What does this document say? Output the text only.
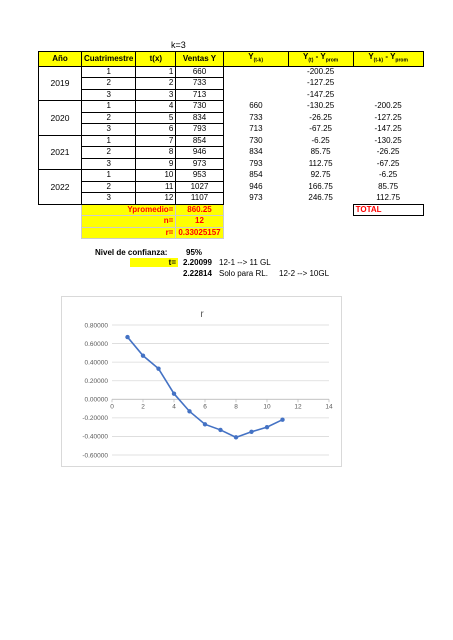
k=3
Año	Cuatrimestre	t(x)	Ventas Y	$Y_{(t-k)}$	$Y_{(t)} - Y_{prom}$	$Y_{(t-k)} - Y_{prom}$
2019	1	1	660		-200.25	
	2	2	733		-127.25	
	3	3	713		-147.25	
2020	1	4	730	660	-130.25	-200.25
	2	5	834	733	-26.25	-127.25
	3	6	793	713	-67.25	-147.25
2021	1	7	854	730	-6.25	-130.25
	2	8	946	834	85.75	-26.25
	3	9	973	793	112.75	-67.25
2022	1	10	953	854	92.75	-6.25
	2	11	1027	946	166.75	85.75
	3	12	1107	973	246.75	112.75
	Ypromedio=		860.25			TOTAL
	n=		12			
	r=		0.33025157			
Nivel de confianza: 95%
t= 2.20099 12-1 --> 11 GL
2.22814 Solo para RL. 12-2 --> 10GL
r
0.80000
0.60000
0.40000
0.20000
0.00000
-0.20000
-0.40000
-0.60000
0	2	4	6	8	10	12	14
